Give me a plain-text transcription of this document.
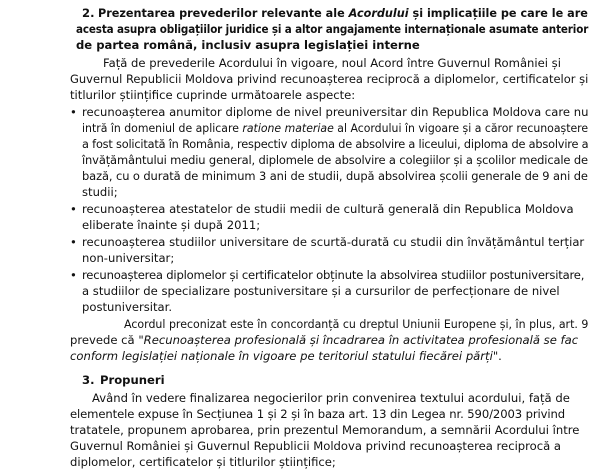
2. Prezentarea prevederilor relevante ale Acordului și implicațiile pe care le are
acesta asupra obligațiilor juridice și a altor angajamente internaționale asumate anterior
de partea română, inclusiv asupra legislației interne
Față de prevederile Acordului în vigoare, noul Acord între Guvernul României și
Guvernul Republicii Moldova privind recunoașterea reciprocă a diplomelor, certificatelor și
titlurilor științifice cuprinde următoarele aspecte:
• recunoașterea anumitor diplome de nivel preuniversitar din Republica Moldova care nu
intră în domeniul de aplicare ratione materiae al Acordului în vigoare și a căror recunoaștere
a fost solicitată în România, respectiv diploma de absolvire a liceului, diploma de absolvire a
învățământului mediu general, diplomele de absolvire a colegiilor și a școlilor medicale de
bază, cu o durată de minimum 3 ani de studii, după absolvirea școlii generale de 9 ani de
studii;
• recunoașterea atestatelor de studii medii de cultură generală din Republica Moldova
eliberate înainte și după 2011;
• recunoașterea studiilor universitare de scurtă-durată cu studii din învățământul terțiar
non-universitar;
• recunoașterea diplomelor și certificatelor obținute la absolvirea studiilor postuniversitare,
a studiilor de specializare postuniversitare și a cursurilor de perfecționare de nivel
postuniversitar.
Acordul preconizat este în concordanță cu dreptul Uniunii Europene și, în plus, art. 9
prevede că "Recunoașterea profesională și încadrarea în activitatea profesională se fac
conform legislației naționale în vigoare pe teritoriul statului fiecărei părți".
3. Propuneri
Având în vedere finalizarea negocierilor prin convenirea textului acordului, față de
elementele expuse în Secțiunea 1 și 2 și în baza art. 13 din Legea nr. 590/2003 privind
tratatele, propunem aprobarea, prin prezentul Memorandum, a semnării Acordului între
Guvernul României și Guvernul Republicii Moldova privind recunoașterea reciprocă a
diplomelor, certificatelor și titlurilor științifice;
